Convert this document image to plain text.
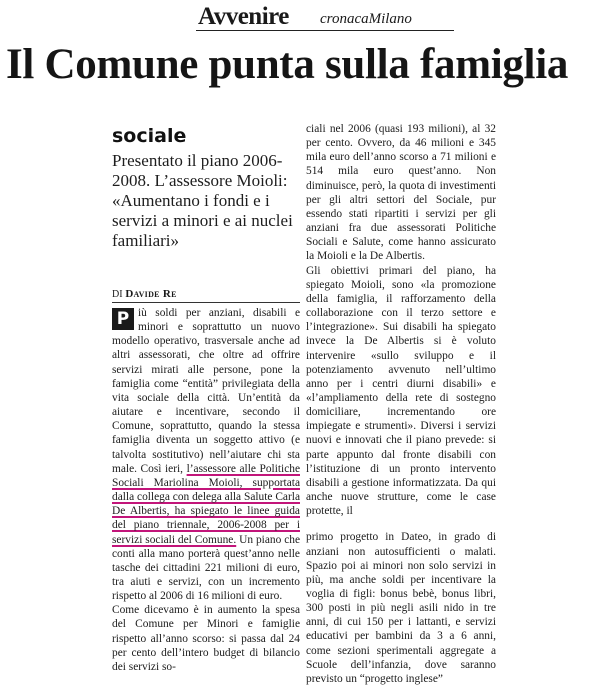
Avvenire cronacaMilano
Il Comune punta sulla famiglia
sociale
Presentato il piano 2006-2008. L’assessore Moioli: «Aumentano i fondi e i servizi a minori e ai nuclei familiari»
DI Davide Re
P iù soldi per anziani, disabili e minori e soprattutto un nuovo modello operativo, trasversale anche ad altri assessorati, che oltre ad offrire servizi mirati alle persone, pone la famiglia come “entità” privilegiata della vita sociale della città. Un’entità da aiutare e incentivare, secondo il Comune, soprattutto, quando la stessa famiglia diventa un soggetto attivo (e talvolta sostitutivo) nell’aiutare chi sta male. Così ieri, l’assessore alle Politiche Sociali Mariolina Moioli, supportata dalla collega con delega alla Salute Carla De Albertis, ha spiegato le linee guida del piano triennale, 2006-2008 per i servizi sociali del Comune. Un piano che conti alla mano porterà quest’anno nelle tasche dei cittadini 221 milioni di euro, tra aiuti e servizi, con un incremento rispetto al 2006 di 16 milioni di euro.
Come dicevamo è in aumento la spesa del Comune per Minori e famiglie rispetto all’anno scorso: si passa dal 24 per cento dell’intero budget di bilancio dei servizi so-
ciali nel 2006 (quasi 193 milioni), al 32 per cento. Ovvero, da 46 milioni e 345 mila euro dell’anno scorso a 71 milioni e 514 mila euro quest’anno. Non diminuisce, però, la quota di investimenti per gli altri settori del Sociale, pur essendo stati ripartiti i servizi per gli anziani fra due assessorati Politiche Sociali e Salute, come hanno assicurato la Moioli e la De Albertis.
Gli obiettivi primari del piano, ha spiegato Moioli, sono «la promozione della famiglia, il rafforzamento della collaborazione con il terzo settore e l’integrazione». Sui disabili ha spiegato invece la De Albertis si è voluto intervenire «sullo sviluppo e il potenziamento avvenuto nell’ultimo anno per i centri diurni disabili» e «l’ampliamento della rete di sostegno domiciliare, incrementando ore impiegate e strumenti». Diversi i servizi nuovi e innovati che il piano prevede: si parte appunto dal fronte disabili con l’istituzione di un pronto intervento disabili a gestione informatizzata. Da qui anche nuove strutture, come le case protette, il
primo progetto in Dateo, in grado di anziani non autosufficienti o malati. Spazio poi ai minori non solo servizi in più, ma anche soldi per incentivare la voglia di figli: bonus bebè, bonus libri, 300 posti in più negli asili nido in tre anni, di cui 150 per i lattanti, e servizi educativi per bambini da 3 a 6 anni, come sezioni sperimentali aggregate a Scuole dell’infanzia, dove saranno previsto un “progetto inglese”
